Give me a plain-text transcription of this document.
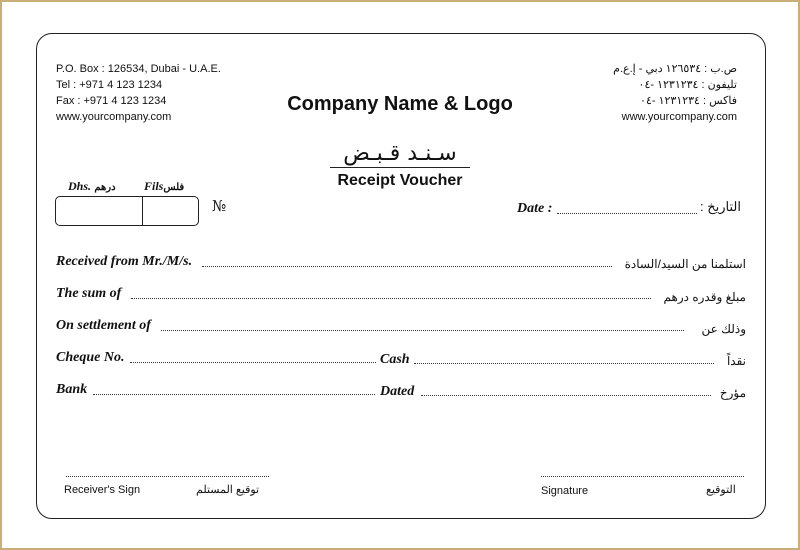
P.O. Box : 126534, Dubai - U.A.E.
Tel : +971 4 123 1234
Fax : +971 4 123 1234
www.yourcompany.com
ص.ب : ١٢٦٥٣٤ دبي - إ.ع.م
تليفون : ١٢٣١٢٣٤ -٠٤
فاكس : ١٢٣١٢٣٤ -٠٤
www.yourcompany.com
Company Name & Logo
سـنـد قـبـض
Receipt Voucher
Dhs. درهم Filsفلس
№	Date :	التاريخ :
Received from Mr./M/s.	استلمنا من السيد/السادة
The sum of	مبلغ وقدره درهم
On settlement of	وذلك عن
Cheque No.	Cash	نقداً
Bank	Dated	مؤرخ
Receiver's Sign	توقيع المستلم	Signature	التوقيع
